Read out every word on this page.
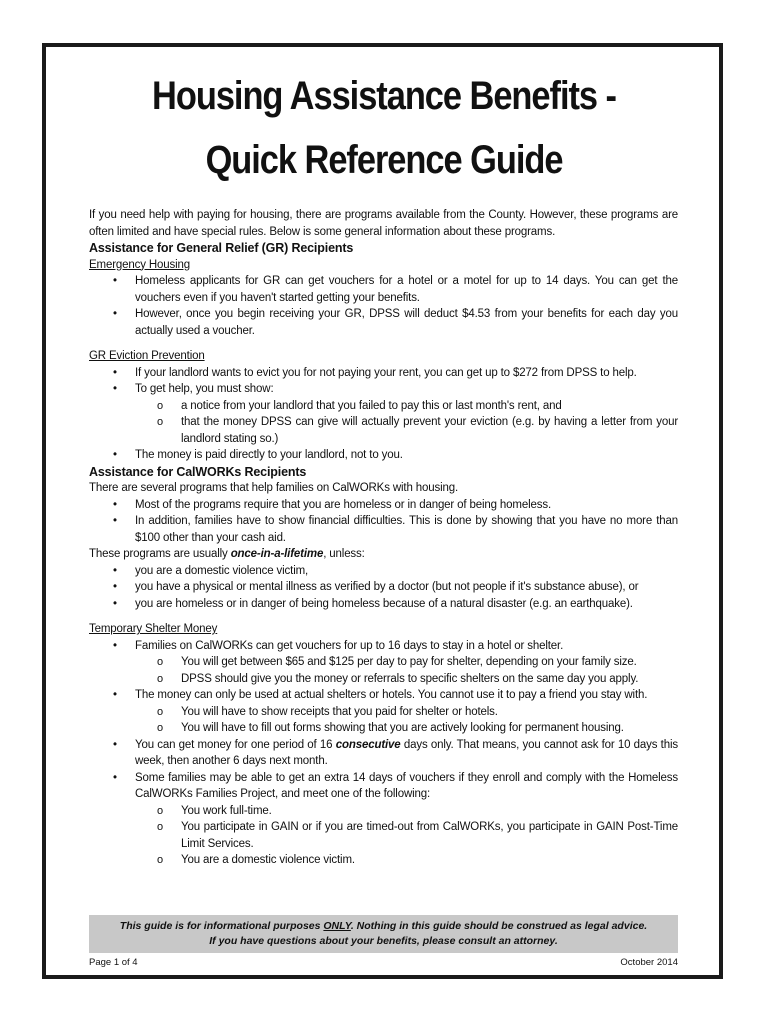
Housing Assistance Benefits -
Quick Reference Guide

If you need help with paying for housing, there are programs available from the County. However, these programs are often limited and have special rules. Below is some general information about these programs.

Assistance for General Relief (GR) Recipients

Emergency Housing

• Homeless applicants for GR can get vouchers for a hotel or a motel for up to 14 days. You can get the vouchers even if you haven't started getting your benefits.
• However, once you begin receiving your GR, DPSS will deduct $4.53 from your benefits for each day you actually used a voucher.

GR Eviction Prevention

• If your landlord wants to evict you for not paying your rent, you can get up to $272 from DPSS to help.
• To get help, you must show:
o a notice from your landlord that you failed to pay this or last month's rent, and
o that the money DPSS can give will actually prevent your eviction (e.g. by having a letter from your landlord stating so.)
• The money is paid directly to your landlord, not to you.

Assistance for CalWORKs Recipients

There are several programs that help families on CalWORKs with housing.

• Most of the programs require that you are homeless or in danger of being homeless.
• In addition, families have to show financial difficulties. This is done by showing that you have no more than $100 other than your cash aid.

These programs are usually once-in-a-lifetime, unless:

• you are a domestic violence victim,
• you have a physical or mental illness as verified by a doctor (but not people if it's substance abuse), or
• you are homeless or in danger of being homeless because of a natural disaster (e.g. an earthquake).

Temporary Shelter Money

• Families on CalWORKs can get vouchers for up to 16 days to stay in a hotel or shelter.
o You will get between $65 and $125 per day to pay for shelter, depending on your family size.
o DPSS should give you the money or referrals to specific shelters on the same day you apply.
• The money can only be used at actual shelters or hotels. You cannot use it to pay a friend you stay with.
o You will have to show receipts that you paid for shelter or hotels.
o You will have to fill out forms showing that you are actively looking for permanent housing.
• You can get money for one period of 16 consecutive days only. That means, you cannot ask for 10 days this week, then another 6 days next month.
• Some families may be able to get an extra 14 days of vouchers if they enroll and comply with the Homeless CalWORKs Families Project, and meet one of the following:
o You work full-time.
o You participate in GAIN or if you are timed-out from CalWORKs, you participate in GAIN Post-Time Limit Services.
o You are a domestic violence victim.
This guide is for informational purposes ONLY. Nothing in this guide should be construed as legal advice.
If you have questions about your benefits, please consult an attorney.
Page 1 of 4	October 2014
